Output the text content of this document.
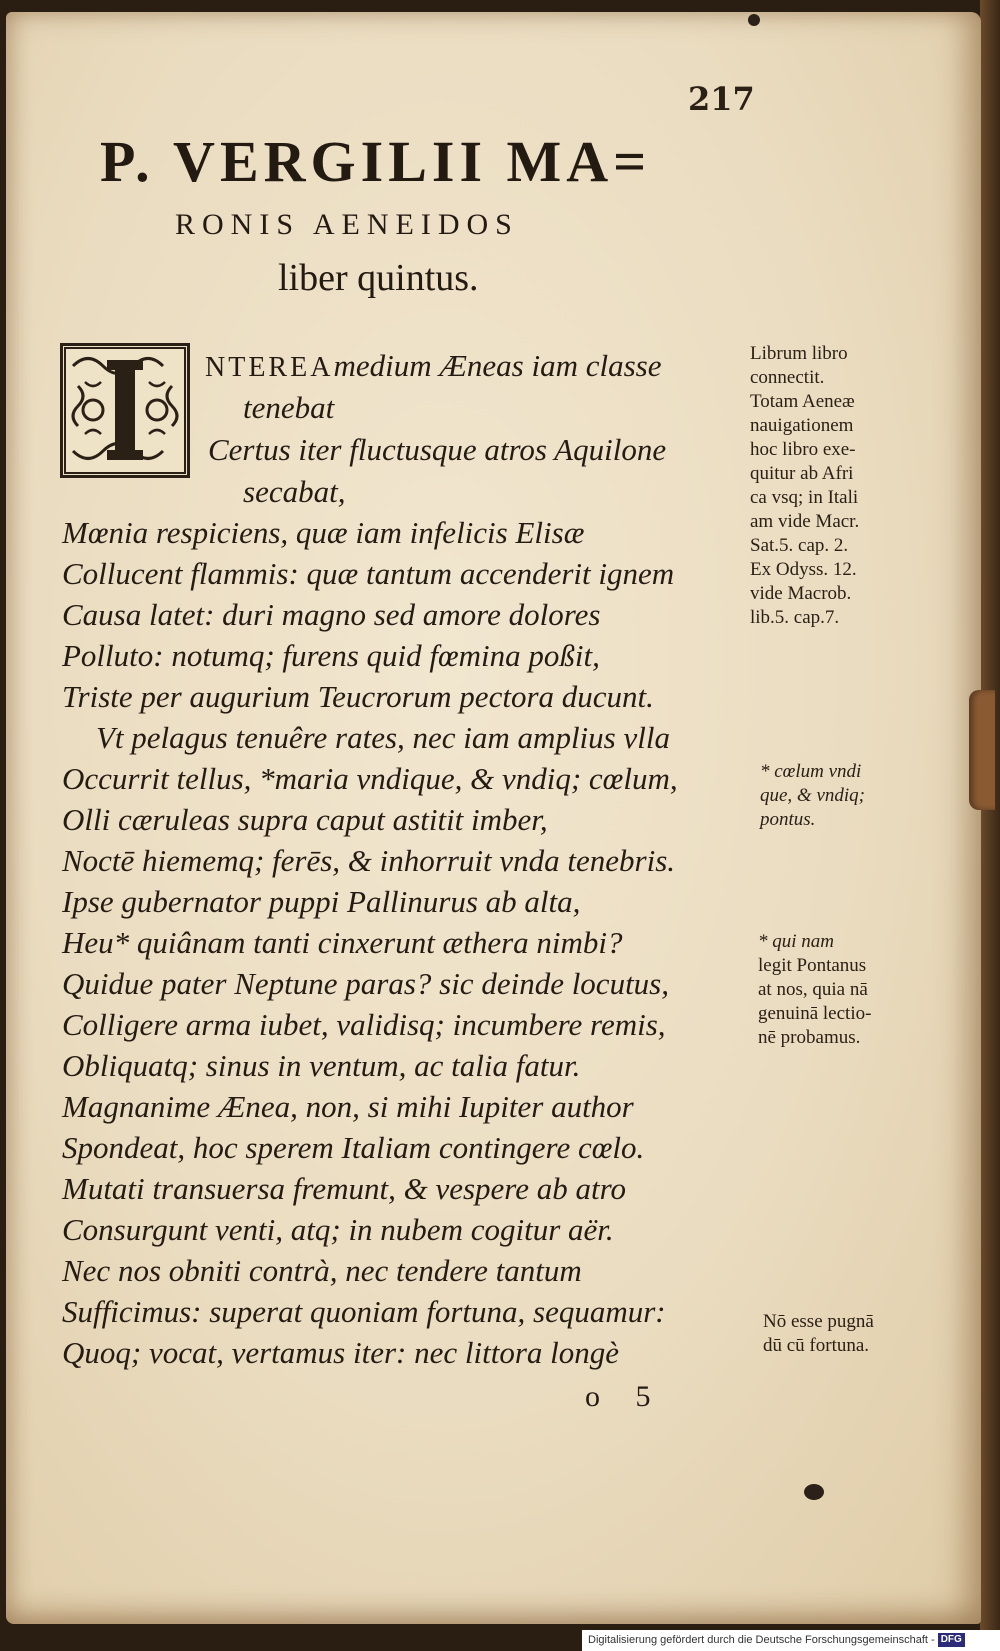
217
P. VERGILII MA=
RONIS AENEIDOS
liber quintus.
NTEREAmedium Æneas iam classe
tenebat
Certus iter fluctusque atros Aquilone
secabat,
Mœnia respiciens, quæ iam infelicis Elisæ
Collucent flammis: quæ tantum accenderit ignem
Causa latet: duri magno sed amore dolores
Polluto: notumq; furens quid fœmina poßit,
Triste per augurium Teucrorum pectora ducunt.
Vt pelagus tenuêre rates, nec iam amplius vlla
Occurrit tellus, *maria vndique, & vndiq; cœlum,
Olli cæruleas supra caput astitit imber,
Noctē hiememq; ferēs, & inhorruit vnda tenebris.
Ipse gubernator puppi Pallinurus ab alta,
Heu* quiânam tanti cinxerunt æthera nimbi?
Quidue pater Neptune paras? sic deinde locutus,
Colligere arma iubet, validisq; incumbere remis,
Obliquatq; sinus in ventum, ac talia fatur.
Magnanime Ænea, non, si mihi Iupiter author
Spondeat, hoc sperem Italiam contingere cœlo.
Mutati transuersa fremunt, & vespere ab atro
Consurgunt venti, atq; in nubem cogitur aër.
Nec nos obniti contrà, nec tendere tantum
Sufficimus: superat quoniam fortuna, sequamur:
Quoq; vocat, vertamus iter: nec littora longè
Librum libro
connectit.
Totam Aeneæ
nauigationem
hoc libro exe-
quitur ab Afri
ca vsq; in Itali
am vide Macr.
Sat.5. cap. 2.
Ex Odyss. 12.
vide Macrob.
lib.5. cap.7.
* cœlum vndi
que, & vndiq;
pontus.
* qui nam
legit Pontanus
at nos, quia nā
genuinā lectio-
nē probamus.
Nō esse pugnā
dū cū fortuna.
o 5
Digitalisierung gefördert durch die Deutsche Forschungsgemeinschaft - DFG
